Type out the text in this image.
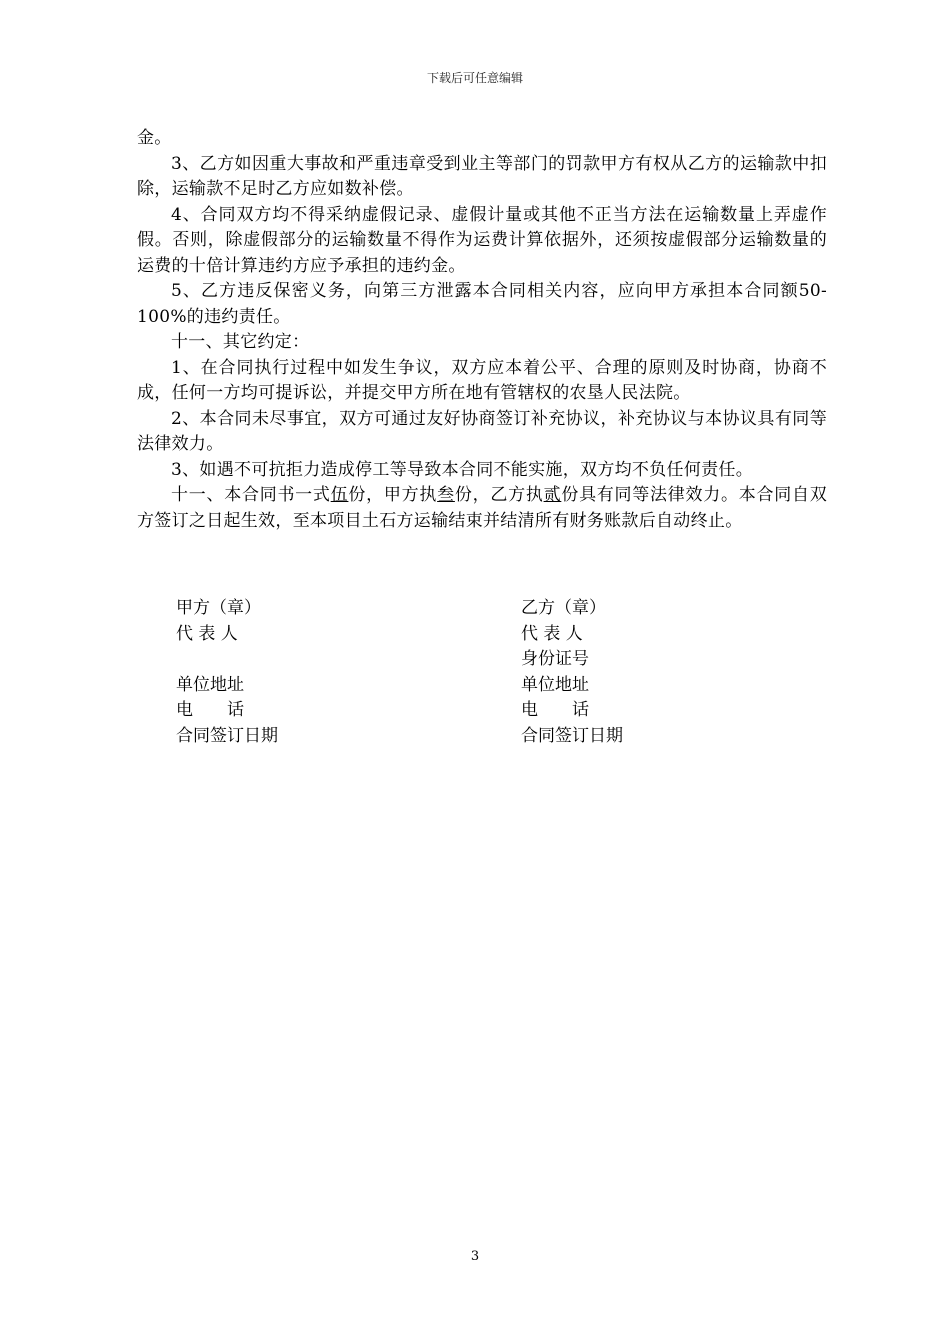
下载后可任意编辑

金。

3、乙方如因重大事故和严重违章受到业主等部门的罚款甲方有权从乙方的运输款中扣除，运输款不足时乙方应如数补偿。

4、合同双方均不得采纳虚假记录、虚假计量或其他不正当方法在运输数量上弄虚作假。否则，除虚假部分的运输数量不得作为运费计算依据外，还须按虚假部分运输数量的运费的十倍计算违约方应予承担的违约金。

5、乙方违反保密义务，向第三方泄露本合同相关内容，应向甲方承担本合同额50-100%的违约责任。

十一、其它约定：

1、在合同执行过程中如发生争议，双方应本着公平、合理的原则及时协商，协商不成，任何一方均可提诉讼，并提交甲方所在地有管辖权的农垦人民法院。

2、本合同未尽事宜，双方可通过友好协商签订补充协议，补充协议与本协议具有同等法律效力。

3、如遇不可抗拒力造成停工等导致本合同不能实施，双方均不负任何责任。

十一、本合同书一式伍份，甲方执叁份，乙方执贰份具有同等法律效力。本合同自双方签订之日起生效，至本项目土石方运输结束并结清所有财务账款后自动终止。

甲方（章）
代 表 人
单位地址
电　　话
合同签订日期
乙方（章）
代 表 人
身份证号
单位地址
电　　话
合同签订日期
3
